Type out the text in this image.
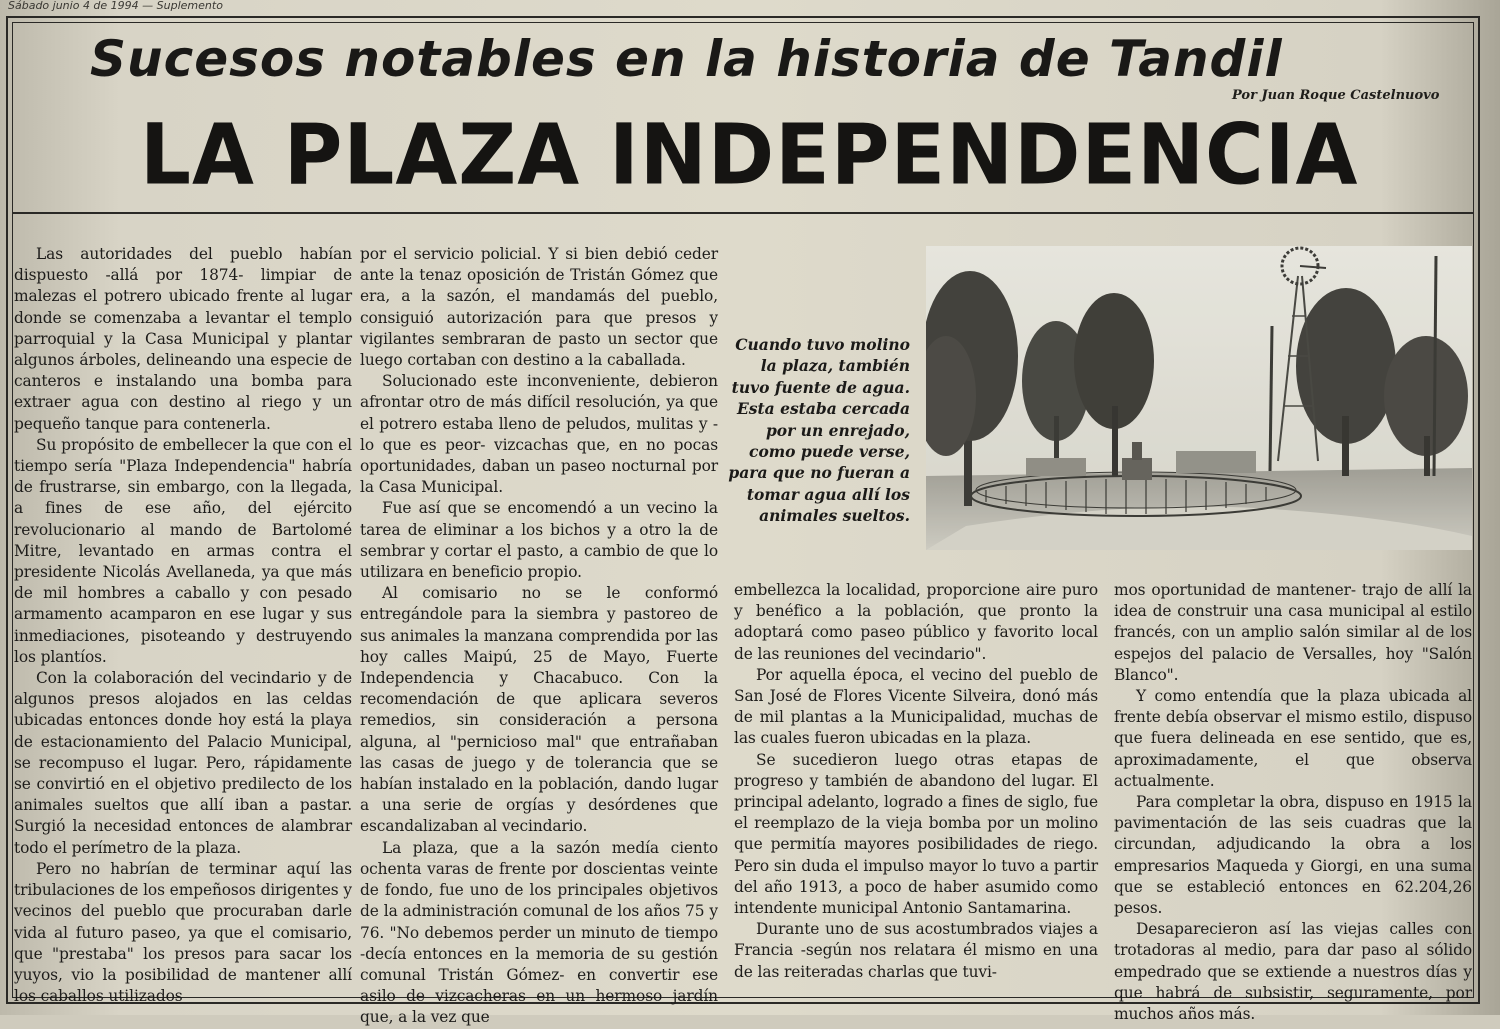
Sábado junio 4 de 1994 — Suplemento
Sucesos notables en la historia de Tandil
Por Juan Roque Castelnuovo
LA PLAZA INDEPENDENCIA

Las autoridades del pueblo habían dispuesto -allá por 1874- limpiar de malezas el potrero ubicado frente al lugar donde se comenzaba a levantar el templo parroquial y la Casa Municipal y plantar algunos árboles, delineando una especie de canteros e instalando una bomba para extraer agua con destino al riego y un pequeño tanque para contenerla.

Su propósito de embellecer la que con el tiempo sería "Plaza Independencia" habría de frustrarse, sin embargo, con la llegada, a fines de ese año, del ejército revolucionario al mando de Bartolomé Mitre, levantado en armas contra el presidente Nicolás Avellaneda, ya que más de mil hombres a caballo y con pesado armamento acamparon en ese lugar y sus inmediaciones, pisoteando y destruyendo los plantíos.

Con la colaboración del vecindario y de algunos presos alojados en las celdas ubicadas entonces donde hoy está la playa de estacionamiento del Palacio Municipal, se recompuso el lugar. Pero, rápidamente se convirtió en el objetivo predilecto de los animales sueltos que allí iban a pastar. Surgió la necesidad entonces de alambrar todo el perímetro de la plaza.

Pero no habrían de terminar aquí las tribulaciones de los empeñosos dirigentes y vecinos del pueblo que procuraban darle vida al futuro paseo, ya que el comisario, que "prestaba" los presos para sacar los yuyos, vio la posibilidad de mantener allí los caballos utilizados

por el servicio policial. Y si bien debió ceder ante la tenaz oposición de Tristán Gómez que era, a la sazón, el mandamás del pueblo, consiguió autorización para que presos y vigilantes sembraran de pasto un sector que luego cortaban con destino a la caballada.

Solucionado este inconveniente, debieron afrontar otro de más difícil resolución, ya que el potrero estaba lleno de peludos, mulitas y -lo que es peor- vizcachas que, en no pocas oportunidades, daban un paseo nocturnal por la Casa Municipal.

Fue así que se encomendó a un vecino la tarea de eliminar a los bichos y a otro la de sembrar y cortar el pasto, a cambio de que lo utilizara en beneficio propio.

Al comisario no se le conformó entregándole para la siembra y pastoreo de sus animales la manzana comprendida por las hoy calles Maipú, 25 de Mayo, Fuerte Independencia y Chacabuco. Con la recomendación de que aplicara severos remedios, sin consideración a persona alguna, al "pernicioso mal" que entrañaban las casas de juego y de tolerancia que se habían instalado en la población, dando lugar a una serie de orgías y desórdenes que escandalizaban al vecindario.

La plaza, que a la sazón medía ciento ochenta varas de frente por doscientas veinte de fondo, fue uno de los principales objetivos de la administración comunal de los años 75 y 76. "No debemos perder un minuto de tiempo -decía entonces en la memoria de su gestión comunal Tristán Gómez- en convertir ese asilo de vizcacheras en un hermoso jardín que, a la vez que

Cuando tuvo molino la plaza, también tuvo fuente de agua. Esta estaba cercada por un enrejado, como puede verse, para que no fueran a tomar agua allí los animales sueltos.

embellezca la localidad, proporcione aire puro y benéfico a la población, que pronto la adoptará como paseo público y favorito local de las reuniones del vecindario".

Por aquella época, el vecino del pueblo de San José de Flores Vicente Silveira, donó más de mil plantas a la Municipalidad, muchas de las cuales fueron ubicadas en la plaza.

Se sucedieron luego otras etapas de progreso y también de abandono del lugar. El principal adelanto, logrado a fines de siglo, fue el reemplazo de la vieja bomba por un molino que permitía mayores posibilidades de riego. Pero sin duda el impulso mayor lo tuvo a partir del año 1913, a poco de haber asumido como intendente municipal Antonio Santamarina.

Durante uno de sus acostumbrados viajes a Francia -según nos relatara él mismo en una de las reiteradas charlas que tuvi-

mos oportunidad de mantener- trajo de allí la idea de construir una casa municipal al estilo francés, con un amplio salón similar al de los espejos del palacio de Versalles, hoy "Salón Blanco".

Y como entendía que la plaza ubicada al frente debía observar el mismo estilo, dispuso que fuera delineada en ese sentido, que es, aproximadamente, el que observa actualmente.

Para completar la obra, dispuso en 1915 la pavimentación de las seis cuadras que la circundan, adjudicando la obra a los empresarios Maqueda y Giorgi, en una suma que se estableció entonces en 62.204,26 pesos.

Desaparecieron así las viejas calles con trotadoras al medio, para dar paso al sólido empedrado que se extiende a nuestros días y que habrá de subsistir, seguramente, por muchos años más.
